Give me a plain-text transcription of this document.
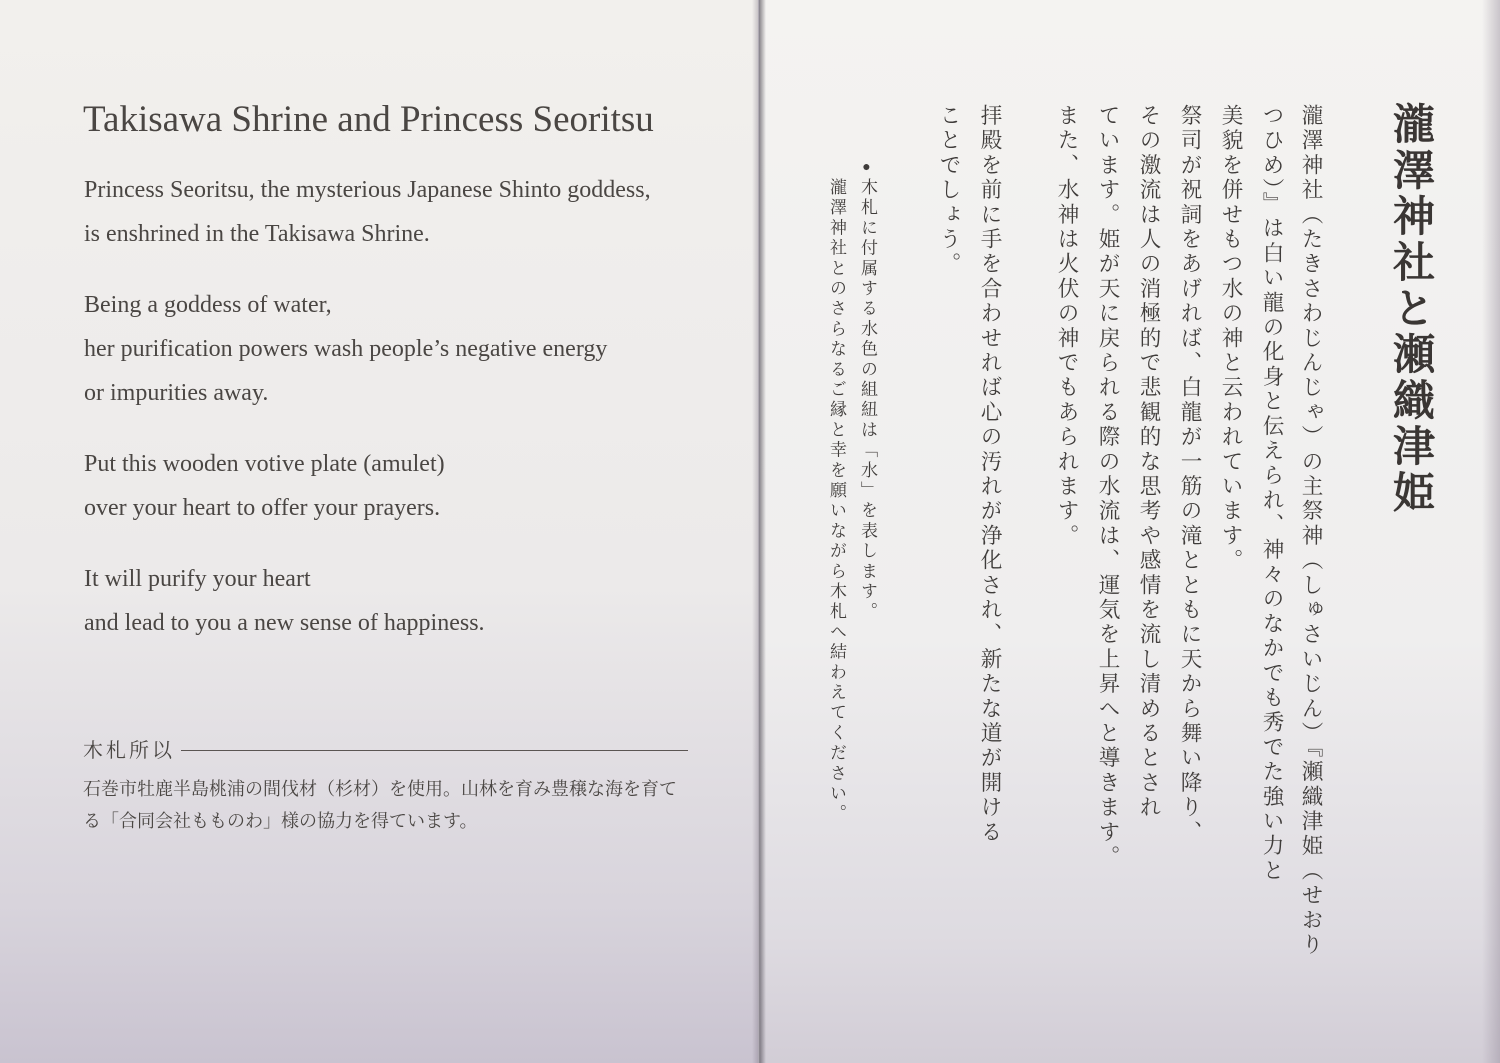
Takisawa Shrine and Princess Seoritsu

Princess Seoritsu, the mysterious Japanese Shinto goddess,
is enshrined in the Takisawa Shrine.

Being a goddess of water,
her purification powers wash people’s negative energy
or impurities away.

Put this wooden votive plate (amulet)
over your heart to offer your prayers.

It will purify your heart
and lead to you a new sense of happiness.

木札所以

石巻市牡鹿半島桃浦の間伐材（杉材）を使用。山林を育み豊穣な海を育て
る「合同会社もものわ」様の協力を得ています。

瀧澤神社と瀬織津姫
瀧澤神社（たきさわじんじゃ）の主祭神（しゅさいじん）『瀬織津姫（せおり
つひめ）』は白い龍の化身と伝えられ、神々のなかでも秀でた強い力と
美貌を併せもつ水の神と云われています。
祭司が祝詞をあげれば、白龍が一筋の滝とともに天から舞い降り、
その激流は人の消極的で悲観的な思考や感情を流し清めるとされ
ています。姫が天に戻られる際の水流は、運気を上昇へと導きます。
また、水神は火伏の神でもあられます。
拝殿を前に手を合わせれば心の汚れが浄化され、新たな道が開ける
ことでしょう。
●
木札に付属する水色の組紐は「水」を表します。
瀧澤神社とのさらなるご縁と幸を願いながら木札へ結わえてください。
